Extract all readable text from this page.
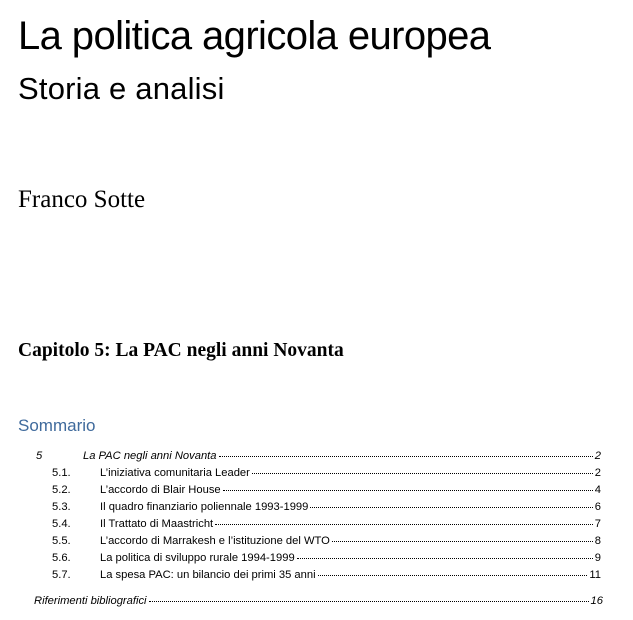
La politica agricola europea
Storia e analisi
Franco Sotte
Capitolo 5: La PAC negli anni Novanta
Sommario
5	La PAC negli anni Novanta	2
5.1.	L’iniziativa comunitaria Leader	2
5.2.	L’accordo di Blair House	4
5.3.	Il quadro finanziario poliennale 1993-1999	6
5.4.	Il Trattato di Maastricht	7
5.5.	L’accordo di Marrakesh e l’istituzione del WTO	8
5.6.	La politica di sviluppo rurale 1994-1999	9
5.7.	La spesa PAC: un bilancio dei primi 35 anni	11
Riferimenti bibliografici	16
